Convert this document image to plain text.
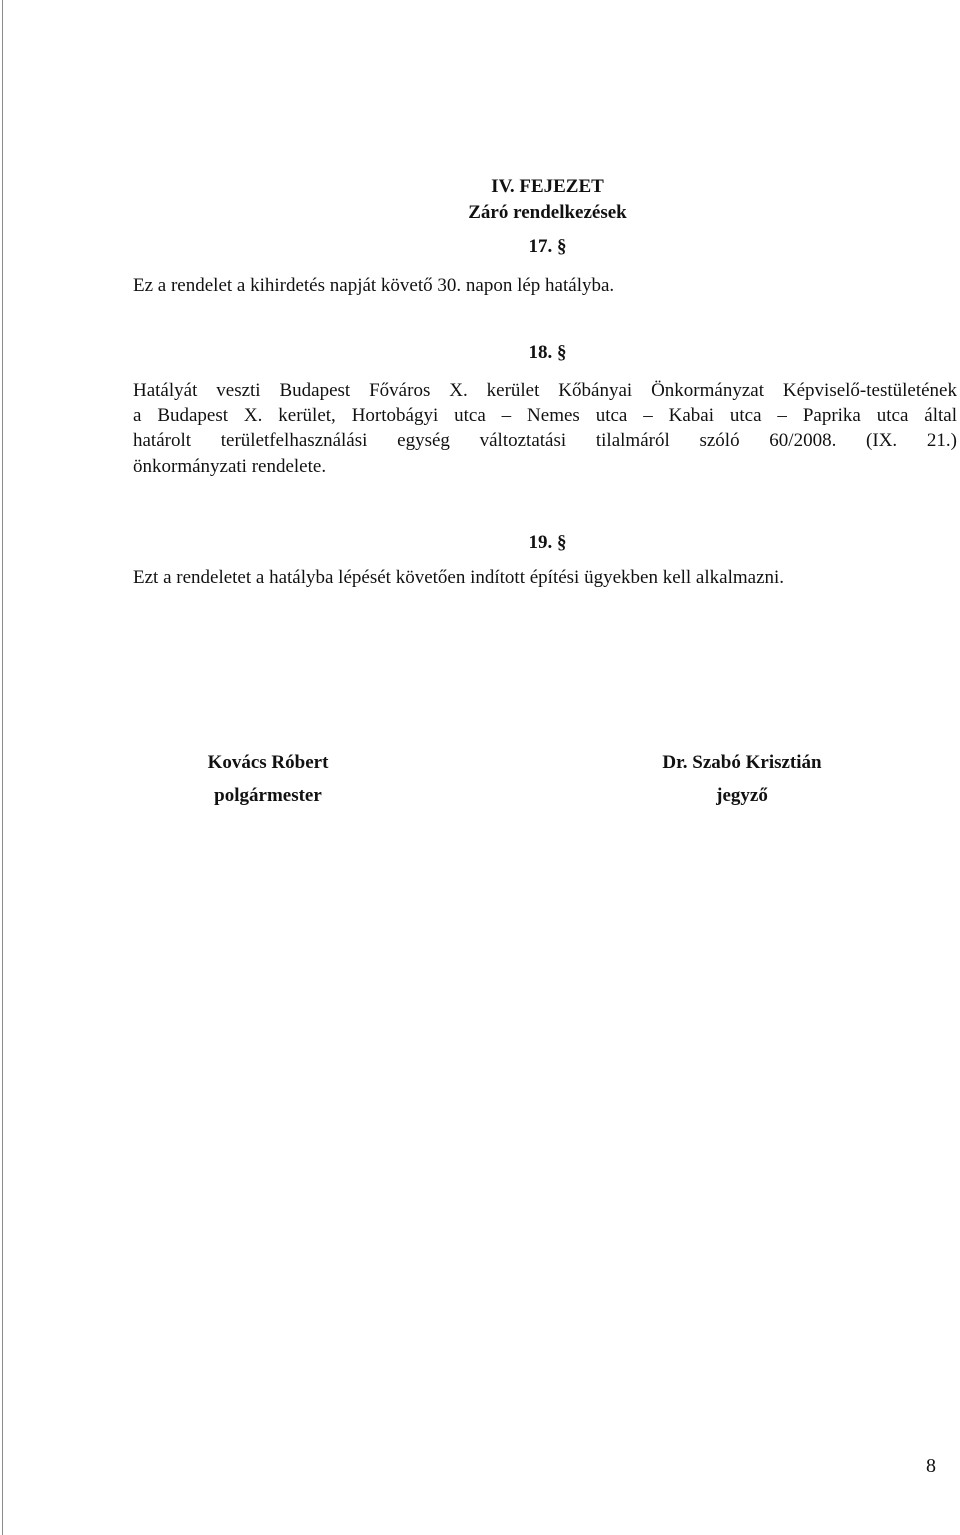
IV. FEJEZET
Záró rendelkezések
17. §
Ez a rendelet a kihirdetés napját követő 30. napon lép hatályba.
18. §
Hatályát veszti Budapest Főváros X. kerület Kőbányai Önkormányzat Képviselő-testületének
a Budapest X. kerület, Hortobágyi utca – Nemes utca – Kabai utca – Paprika utca által
határolt területfelhasználási egység változtatási tilalmáról szóló 60/2008. (IX. 21.)
önkormányzati rendelete.
19. §
Ezt a rendeletet a hatályba lépését követően indított építési ügyekben kell alkalmazni.
Kovács Róbert
polgármester
Dr. Szabó Krisztián
jegyző
8
